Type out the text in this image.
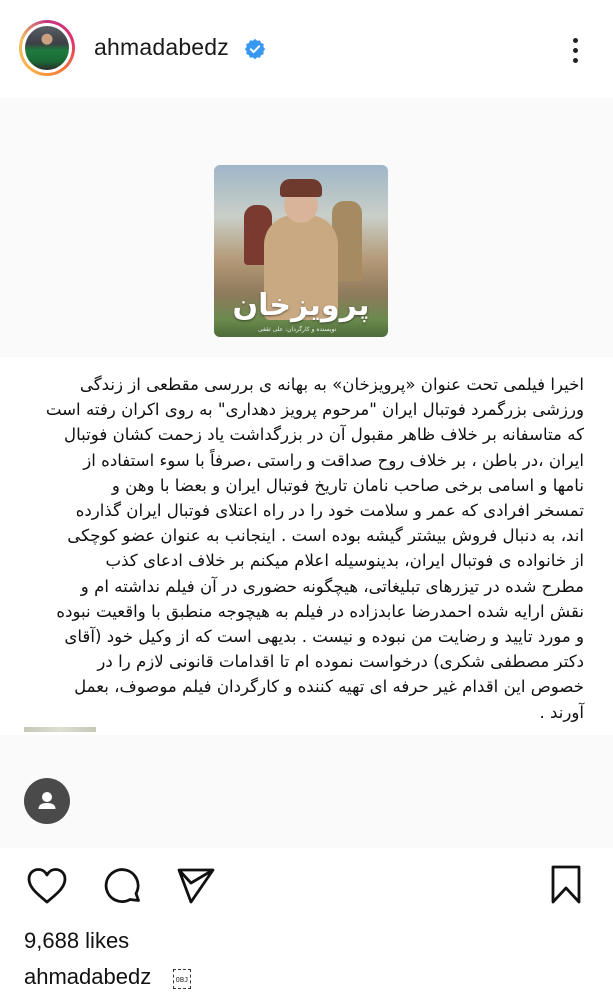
ahmadabedz
پرویزخان
نویسنده و کارگردان: علی ثقفی

اخیرا فیلمی تحت عنوان «پرویزخان» به بهانه ی بررسی مقطعی از زندگی

ورزشی بزرگمرد فوتبال ایران "مرحوم پرویز دهداری" به روی اکران رفته است

که متاسفانه بر خلاف ظاهر مقبول آن در بزرگداشت یاد زحمت کشان فوتبال

ایران ،در باطن ، بر خلاف روح صداقت و راستی ،صرفاً با سوء استفاده از

نامها و اسامی برخی صاحب نامان تاریخ فوتبال ایران و بعضا با وهن و

تمسخر افرادی که عمر و سلامت خود را در راه اعتلای فوتبال ایران گذارده

اند، به دنبال فروش بیشتر گیشه بوده است . اینجانب به عنوان عضو کوچکی

از خانواده ی فوتبال ایران، بدینوسیله اعلام میکنم بر خلاف ادعای کذب

مطرح شده در تیزرهای تبلیغاتی، هیچگونه حضوری در آن فیلم نداشته ام و

نقش ارایه شده احمدرضا عابدزاده در فیلم به هیچوجه منطبق با واقعیت نبوده

و مورد تایید و رضایت من نبوده و نیست . بدیهی است که از وکیل خود (آقای

دکتر مصطفی شکری) درخواست نموده ام تا اقدامات قانونی لازم را در

خصوص این اقدام غیر حرفه ای تهیه کننده و کارگردان فیلم موصوف، بعمل

آورند .

9,688 likes
ahmadabedz	OBJ
